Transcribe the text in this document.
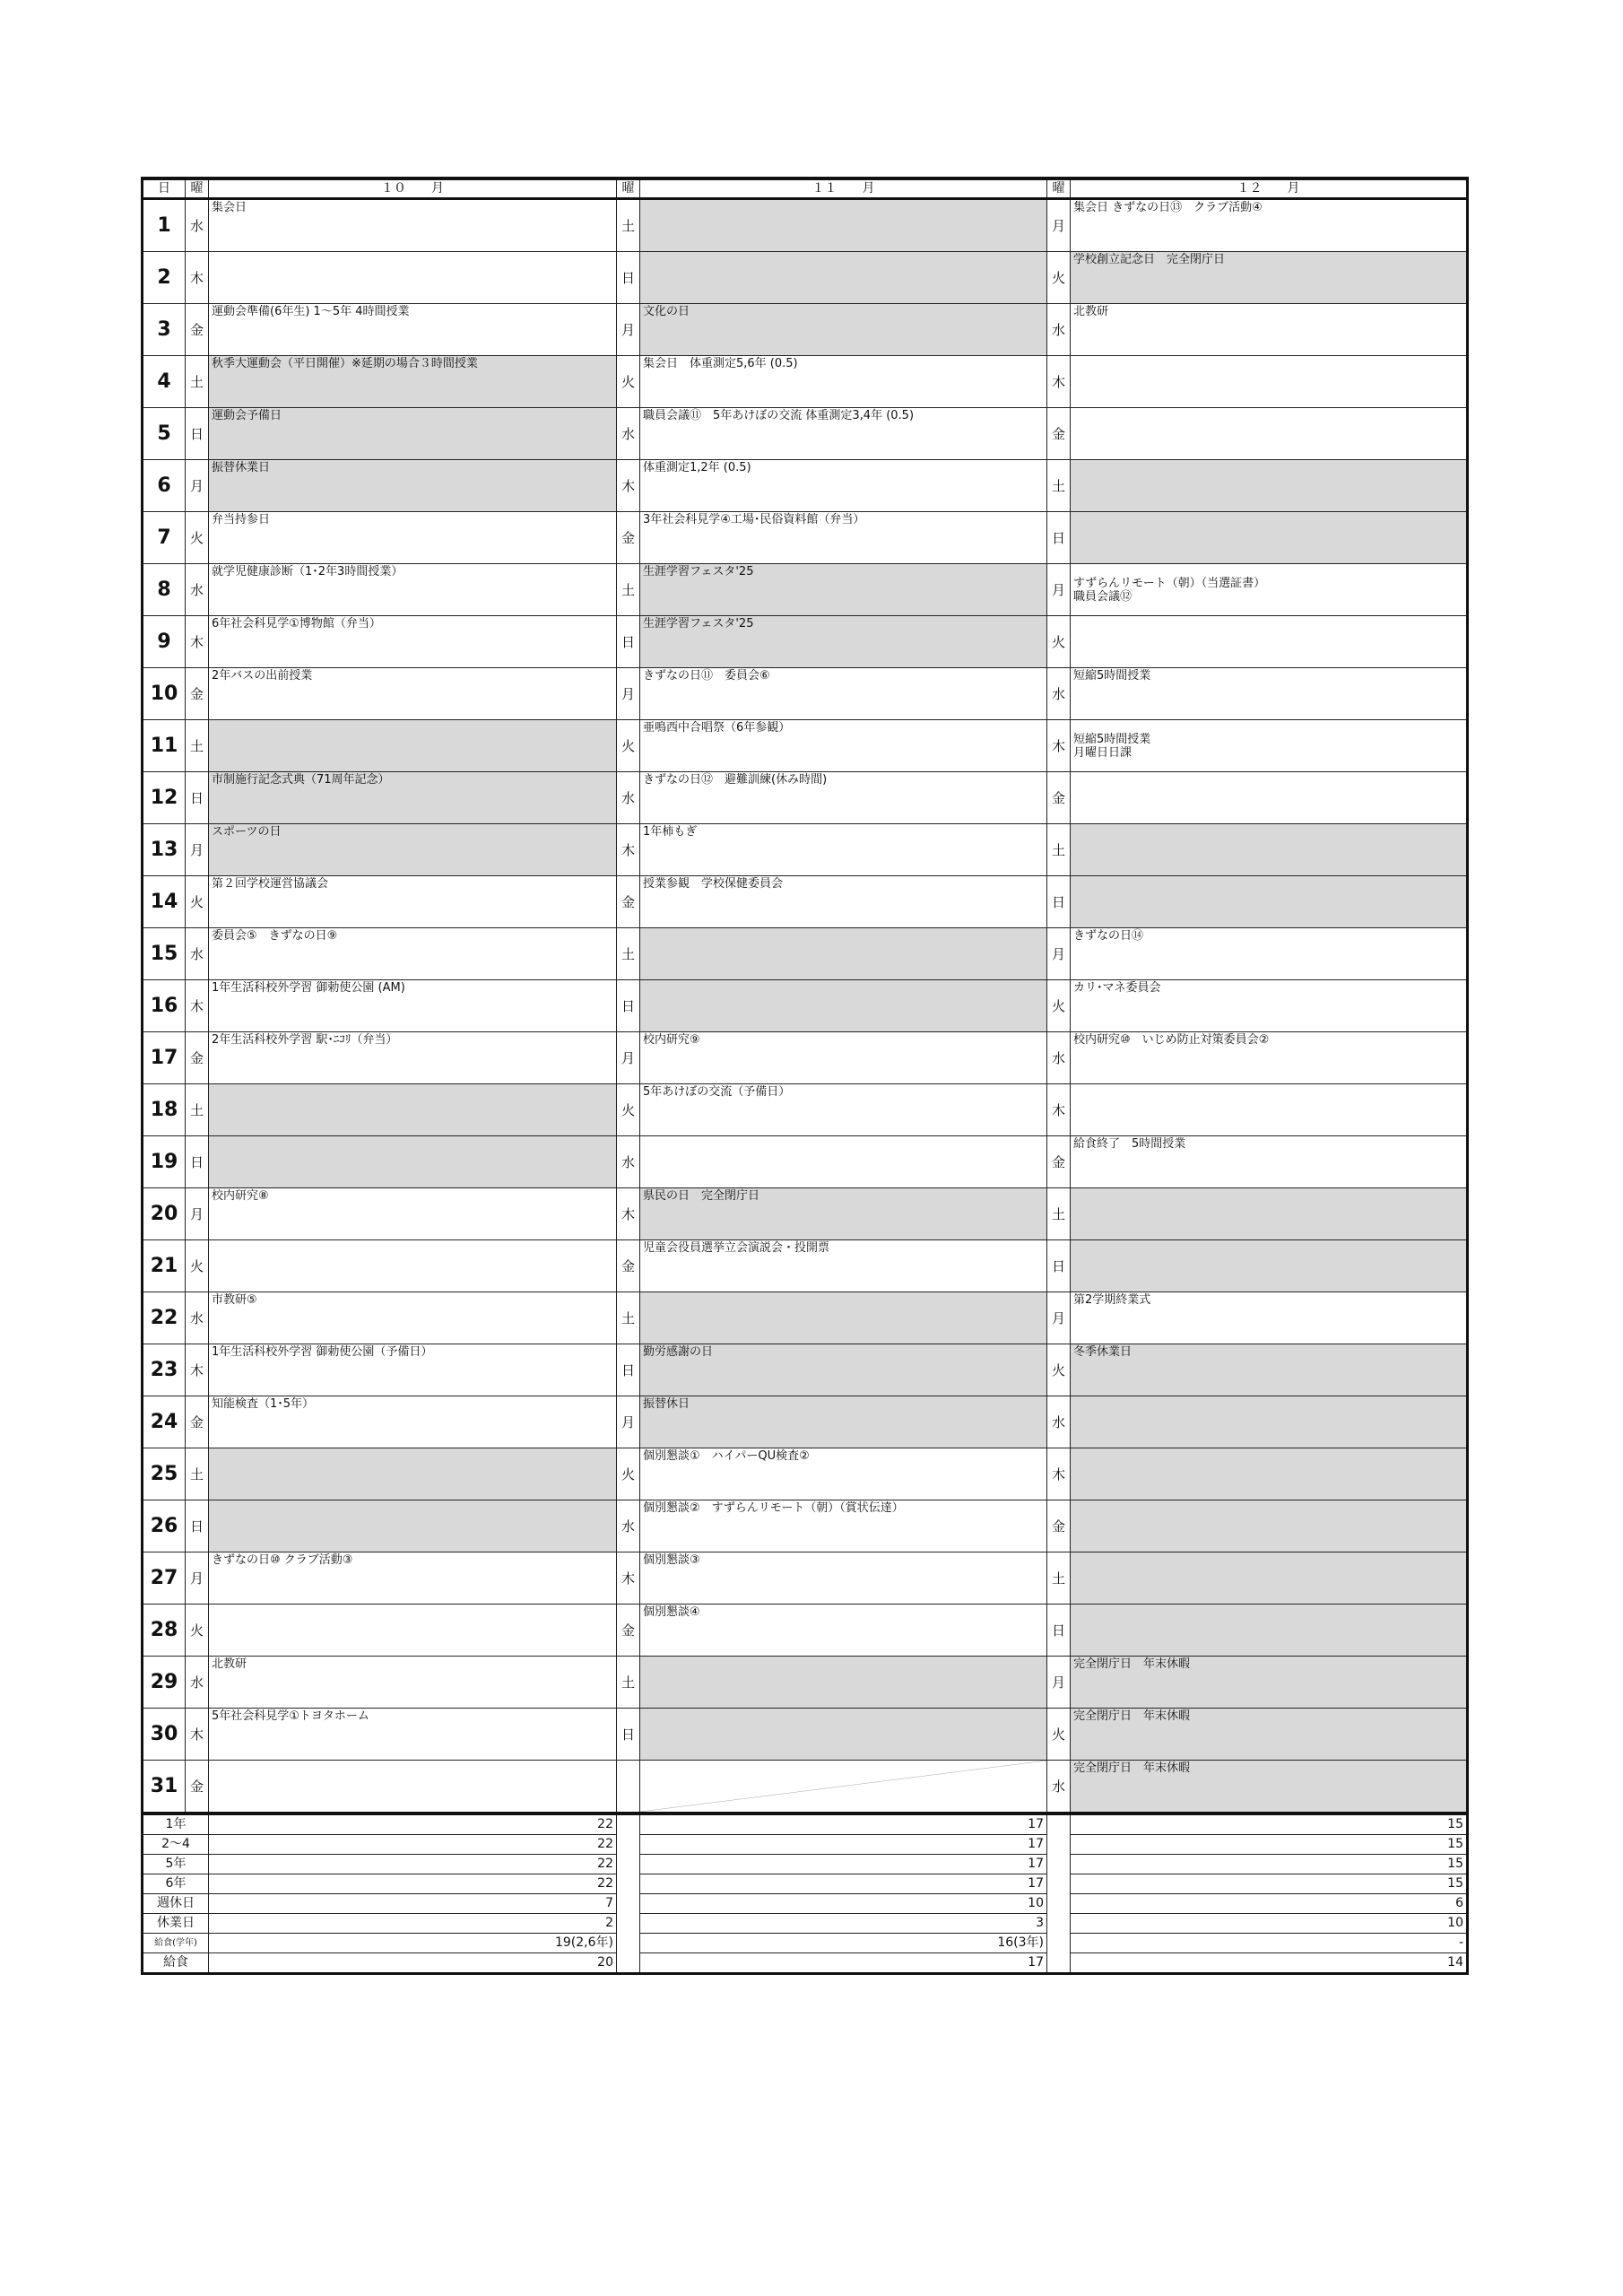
日	曜	１０　　月	曜	１１　　月	曜	１２　　月
1	水	集会日	土		月	集会日 きずなの日⑬　クラブ活動④
2	木		日		火	学校創立記念日　完全閉庁日
3	金	運動会準備(6年生) 1～5年 4時間授業	月	文化の日	水	北教研
4	土	秋季大運動会（平日開催）※延期の場合３時間授業	火	集会日　体重測定5,6年 (0.5)	木	
5	日	運動会予備日	水	職員会議⑪　5年あけぼの交流 体重測定3,4年 (0.5)	金	
6	月	振替休業日	木	体重測定1,2年 (0.5)	土	
7	火	弁当持参日	金	3年社会科見学④工場･民俗資料館（弁当）	日	
8	水	就学児健康診断（1･2年3時間授業）	土	生涯学習フェスタ'25	月	すずらんリモート（朝）（当選証書）
職員会議⑫
9	木	6年社会科見学①博物館（弁当）	日	生涯学習フェスタ'25	火	
10	金	2年バスの出前授業	月	きずなの日⑪　委員会⑥	水	短縮5時間授業
11	土		火	亜鳴西中合唱祭（6年参観）	木	短縮5時間授業
月曜日日課
12	日	市制施行記念式典（71周年記念）	水	きずなの日⑫　避難訓練(休み時間)	金	
13	月	スポーツの日	木	1年柿もぎ	土	
14	火	第２回学校運営協議会	金	授業参観　学校保健委員会	日	
15	水	委員会⑤　きずなの日⑨	土		月	きずなの日⑭
16	木	1年生活科校外学習 御勅使公園 (AM)	日		火	カリ･マネ委員会
17	金	2年生活科校外学習 駅･ﾆｺﾘ（弁当）	月	校内研究⑨	水	校内研究⑩　いじめ防止対策委員会②
18	土		火	5年あけぼの交流（予備日）	木	
19	日		水		金	給食終了　5時間授業
20	月	校内研究⑧	木	県民の日　完全閉庁日	土	
21	火		金	児童会役員選挙立会演説会・投開票	日	
22	水	市教研⑤	土		月	第2学期終業式
23	木	1年生活科校外学習 御勅使公園（予備日）	日	勤労感謝の日	火	冬季休業日
24	金	知能検査（1･5年）	月	振替休日	水	
25	土		火	個別懇談①　ハイパーQU検査②	木	
26	日		水	個別懇談②　すずらんリモート（朝）（賞状伝達）	金	
27	月	きずなの日⑩ クラブ活動③	木	個別懇談③	土	
28	火		金	個別懇談④	日	
29	水	北教研	土		月	完全閉庁日　年末休暇
30	木	5年社会科見学①トヨタホーム	日		火	完全閉庁日　年末休暇
31	金				水	完全閉庁日　年末休暇
1年		22		17		15
2～4		22		17		15
5年		22		17		15
6年		22		17		15
週休日		7		10		6
休業日		2		3		10
給食(学年)		19(2,6年)		16(3年)		-
給食		20		17		14
